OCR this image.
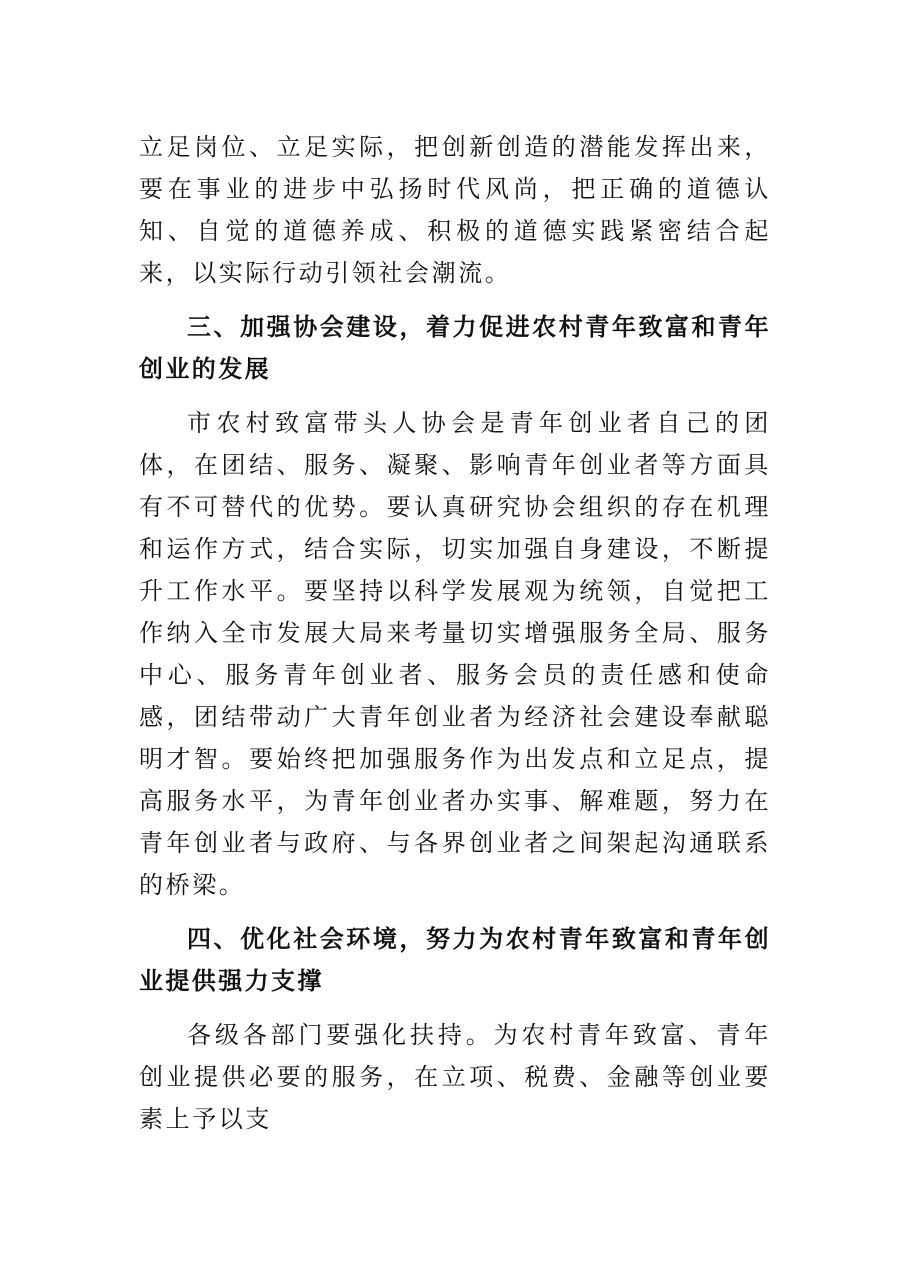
立足岗位、立足实际，把创新创造的潜能发挥出来，要在事业的进步中弘扬时代风尚，把正确的道德认知、自觉的道德养成、积极的道德实践紧密结合起来，以实际行动引领社会潮流。

三、加强协会建设，着力促进农村青年致富和青年创业的发展

市农村致富带头人协会是青年创业者自己的团体，在团结、服务、凝聚、影响青年创业者等方面具有不可替代的优势。要认真研究协会组织的存在机理和运作方式，结合实际，切实加强自身建设，不断提升工作水平。要坚持以科学发展观为统领，自觉把工作纳入全市发展大局来考量切实增强服务全局、服务中心、服务青年创业者、服务会员的责任感和使命感，团结带动广大青年创业者为经济社会建设奉献聪明才智。要始终把加强服务作为出发点和立足点，提高服务水平，为青年创业者办实事、解难题，努力在青年创业者与政府、与各界创业者之间架起沟通联系的桥梁。

四、优化社会环境，努力为农村青年致富和青年创业提供强力支撑

各级各部门要强化扶持。为农村青年致富、青年创业提供必要的服务，在立项、税费、金融等创业要素上予以支
